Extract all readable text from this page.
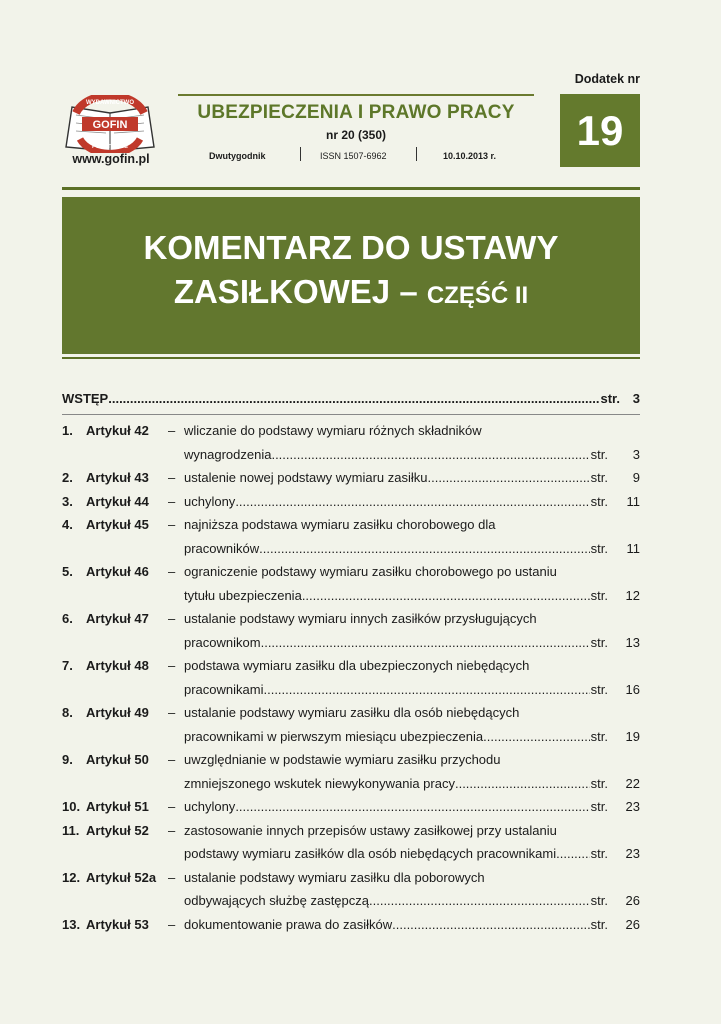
WYDAWNICTWO
GOFIN
PODATKOWE
www.gofin.pl
UBEZPIECZENIA I PRAWO PRACY
nr 20 (350)
Dwutygodnik	ISSN 1507-6962	10.10.2013 r.
Dodatek nr
19
KOMENTARZ DO USTAWY
ZASIŁKOWEJ – CZĘŚĆ II
WSTĘP .....	str. 3
1. Artykuł 42 – wliczanie do podstawy wymiaru różnych składników
wynagrodzenia .....	str.	3
2. Artykuł 43 – ustalenie nowej podstawy wymiaru zasiłku .....	str.	9
3. Artykuł 44 – uchylony .....	str.	11
4. Artykuł 45 – najniższa podstawa wymiaru zasiłku chorobowego dla
pracowników .....	str.	11
5. Artykuł 46 – ograniczenie podstawy wymiaru zasiłku chorobowego po ustaniu
tytułu ubezpieczenia .....	str.	12
6. Artykuł 47 – ustalanie podstawy wymiaru innych zasiłków przysługujących
pracownikom .....	str.	13
7. Artykuł 48 – podstawa wymiaru zasiłku dla ubezpieczonych niebędących
pracownikami .....	str.	16
8. Artykuł 49 – ustalanie podstawy wymiaru zasiłku dla osób niebędących
pracownikami w pierwszym miesiącu ubezpieczenia .....	str.	19
9. Artykuł 50 – uwzględnianie w podstawie wymiaru zasiłku przychodu
zmniejszonego wskutek niewykonywania pracy .....	str.	22
10. Artykuł 51 – uchylony .....	str.	23
11. Artykuł 52 – zastosowanie innych przepisów ustawy zasiłkowej przy ustalaniu
podstawy wymiaru zasiłków dla osób niebędących pracownikami .....	str.	23
12. Artykuł 52a – ustalanie podstawy wymiaru zasiłku dla poborowych
odbywających służbę zastępczą .....	str.	26
13. Artykuł 53 – dokumentowanie prawa do zasiłków .....	str.	26
